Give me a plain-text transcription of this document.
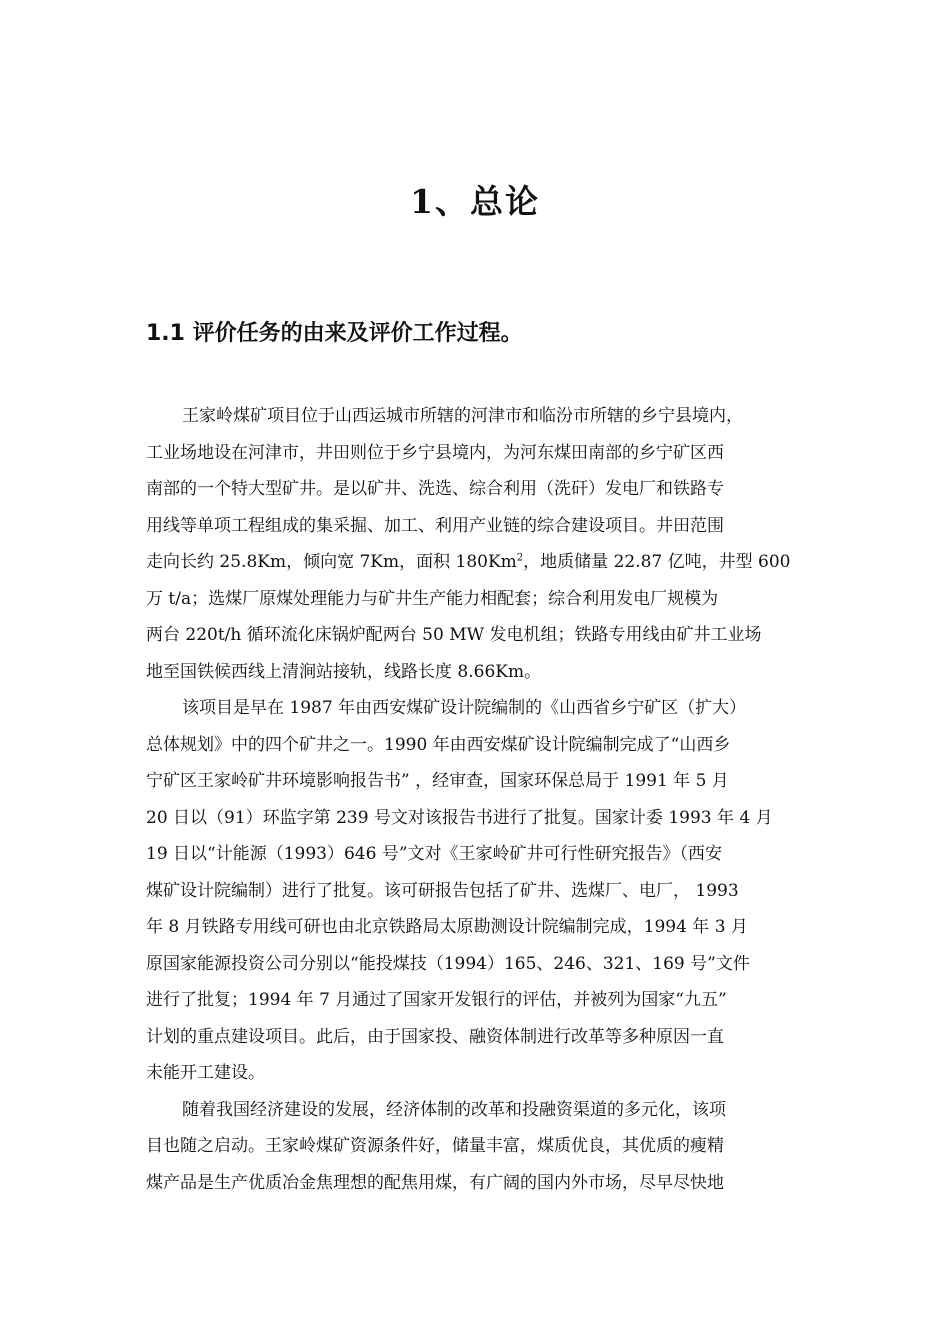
1、总论
1.1 评价任务的由来及评价工作过程。

王家岭煤矿项目位于山西运城市所辖的河津市和临汾市所辖的乡宁县境内，
工业场地设在河津市，井田则位于乡宁县境内，为河东煤田南部的乡宁矿区西
南部的一个特大型矿井。是以矿井、洗选、综合利用（洗矸）发电厂和铁路专
用线等单项工程组成的集采掘、加工、利用产业链的综合建设项目。井田范围
走向长约 25.8Km，倾向宽 7Km，面积 180Km$^2$，地质储量 22.87 亿吨，井型 600
万 t/a；选煤厂原煤处理能力与矿井生产能力相配套；综合利用发电厂规模为
两台 220t/h 循环流化床锅炉配两台 50 MW 发电机组；铁路专用线由矿井工业场
地至国铁候西线上清涧站接轨，线路长度 8.66Km。

该项目是早在 1987 年由西安煤矿设计院编制的《山西省乡宁矿区（扩大）
总体规划》中的四个矿井之一。1990 年由西安煤矿设计院编制完成了“山西乡
宁矿区王家岭矿井环境影响报告书” ，经审查，国家环保总局于 1991 年 5 月
20 日以（91）环监字第 239 号文对该报告书进行了批复。国家计委 1993 年 4 月
19 日以“计能源（1993）646 号”文对《王家岭矿井可行性研究报告》（西安
煤矿设计院编制）进行了批复。该可研报告包括了矿井、选煤厂、电厂， 1993
年 8 月铁路专用线可研也由北京铁路局太原勘测设计院编制完成，1994 年 3 月
原国家能源投资公司分别以“能投煤技（1994）165、246、321、169 号”文件
进行了批复；1994 年 7 月通过了国家开发银行的评估，并被列为国家“九五”
计划的重点建设项目。此后，由于国家投、融资体制进行改革等多种原因一直
未能开工建设。

随着我国经济建设的发展，经济体制的改革和投融资渠道的多元化，该项
目也随之启动。王家岭煤矿资源条件好，储量丰富，煤质优良，其优质的瘦精
煤产品是生产优质冶金焦理想的配焦用煤，有广阔的国内外市场，尽早尽快地
